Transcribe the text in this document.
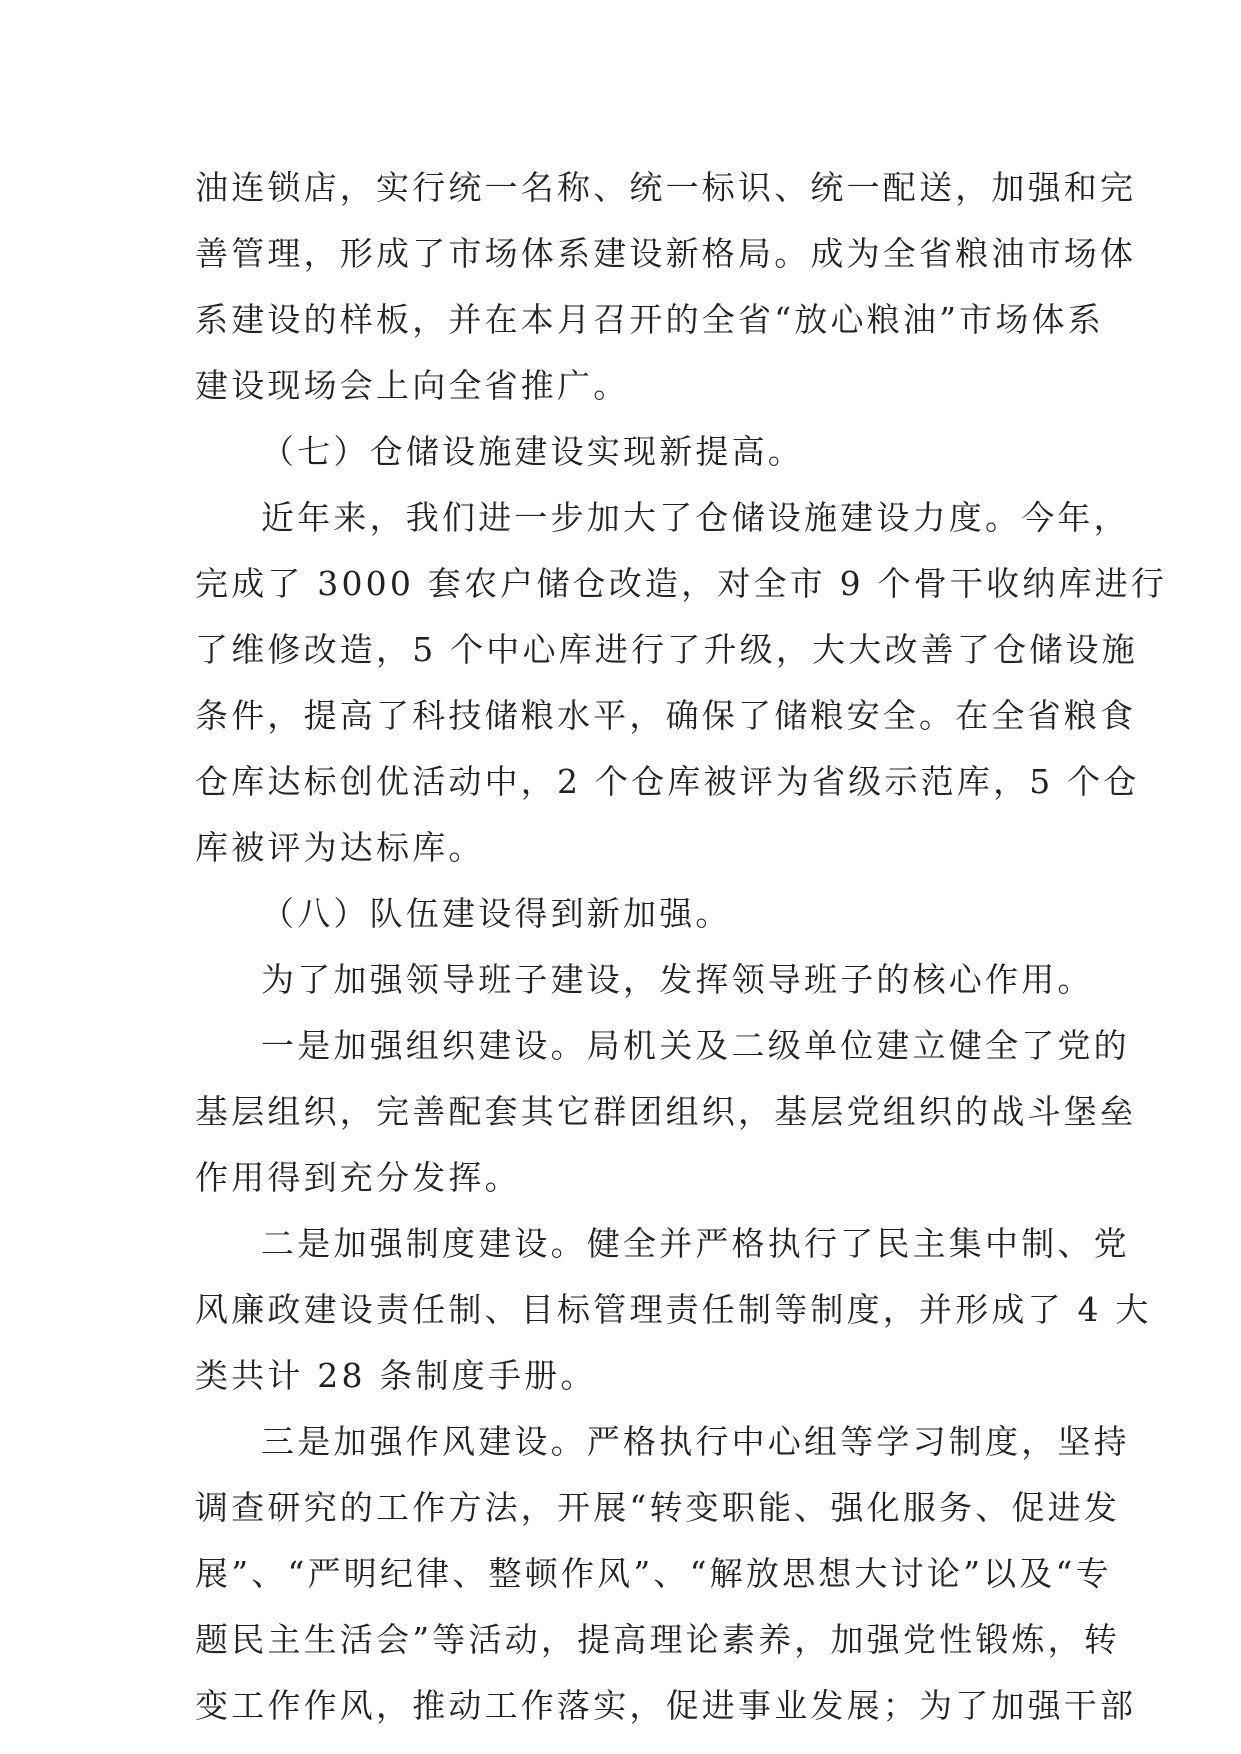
油连锁店，实行统一名称、统一标识、统一配送，加强和完
善管理，形成了市场体系建设新格局。成为全省粮油市场体
系建设的样板，并在本月召开的全省“放心粮油”市场体系
建设现场会上向全省推广。
（七）仓储设施建设实现新提高。
近年来，我们进一步加大了仓储设施建设力度。今年，
完成了 3000 套农户储仓改造，对全市 9 个骨干收纳库进行
了维修改造，5 个中心库进行了升级，大大改善了仓储设施
条件，提高了科技储粮水平，确保了储粮安全。在全省粮食
仓库达标创优活动中，2 个仓库被评为省级示范库，5 个仓
库被评为达标库。
（八）队伍建设得到新加强。
为了加强领导班子建设，发挥领导班子的核心作用。
一是加强组织建设。局机关及二级单位建立健全了党的
基层组织，完善配套其它群团组织，基层党组织的战斗堡垒
作用得到充分发挥。
二是加强制度建设。健全并严格执行了民主集中制、党
风廉政建设责任制、目标管理责任制等制度，并形成了 4 大
类共计 28 条制度手册。
三是加强作风建设。严格执行中心组等学习制度，坚持
调查研究的工作方法，开展“转变职能、强化服务、促进发
展”、“严明纪律、整顿作风”、“解放思想大讨论”以及“专
题民主生活会”等活动，提高理论素养，加强党性锻炼，转
变工作作风，推动工作落实，促进事业发展；为了加强干部
